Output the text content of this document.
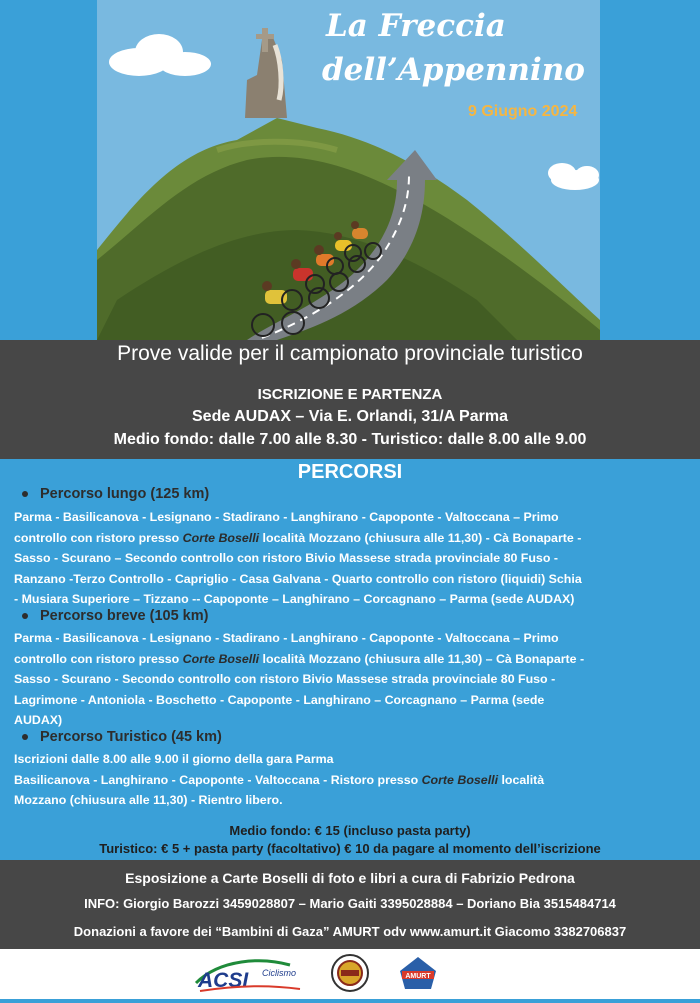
La Freccia
dell’Appennino
9 Giugno 2024
Prove valide per il campionato provinciale turistico
ISCRIZIONE E PARTENZA
Sede AUDAX – Via E. Orlandi, 31/A Parma
Medio fondo: dalle 7.00 alle 8.30 - Turistico: dalle 8.00 alle 9.00
PERCORSI
Percorso lungo (125 km)
Parma - Basilicanova - Lesignano - Stadirano - Langhirano - Capoponte - Valtoccana – Primo
controllo con ristoro presso Corte Boselli località Mozzano (chiusura alle 11,30) - Cà Bonaparte -
Sasso - Scurano – Secondo controllo con ristoro Bivio Massese strada provinciale 80 Fuso -
Ranzano -Terzo Controllo - Capriglio - Casa Galvana - Quarto controllo con ristoro (liquidi) Schia
- Musiara Superiore – Tizzano -- Capoponte – Langhirano – Corcagnano – Parma (sede AUDAX)
Percorso breve (105 km)
Parma - Basilicanova - Lesignano - Stadirano - Langhirano - Capoponte - Valtoccana – Primo
controllo con ristoro presso Corte Boselli località Mozzano (chiusura alle 11,30) – Cà Bonaparte -
Sasso - Scurano - Secondo controllo con ristoro Bivio Massese strada provinciale 80 Fuso -
Lagrimone - Antoniola - Boschetto - Capoponte - Langhirano – Corcagnano – Parma (sede
AUDAX)
Percorso Turistico (45 km)
Iscrizioni dalle 8.00 alle 9.00 il giorno della gara Parma
Basilicanova - Langhirano - Capoponte - Valtoccana - Ristoro presso Corte Boselli località
Mozzano (chiusura alle 11,30) - Rientro libero.
Medio fondo: € 15 (incluso pasta party)
Turistico: € 5 + pasta party (facoltativo) € 10 da pagare al momento dell’iscrizione
Esposizione a Carte Boselli di foto e libri a cura di Fabrizio Pedrona
INFO: Giorgio Barozzi 3459028807 – Mario Gaiti 3395028884 – Doriano Bia 3515484714
Donazioni a favore dei “Bambini di Gaza” AMURT odv www.amurt.it Giacomo 3382706837
ACSI Ciclismo	AMURT
